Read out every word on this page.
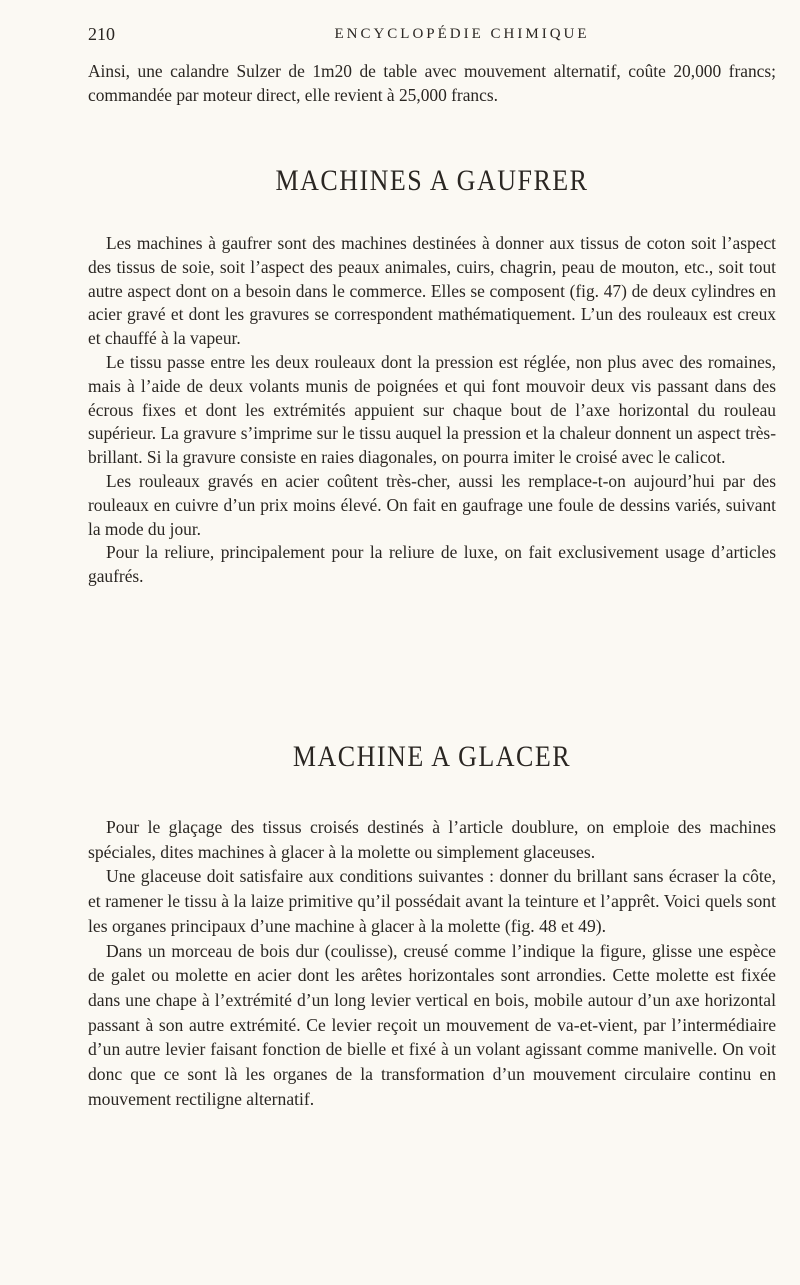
210	ENCYCLOPÉDIE CHIMIQUE

Ainsi, une calandre Sulzer de 1m20 de table avec mouvement alternatif, coûte 20,000 francs; commandée par moteur direct, elle revient à 25,000 francs.

MACHINES A GAUFRER

Les machines à gaufrer sont des machines destinées à donner aux tissus de coton soit l’aspect des tissus de soie, soit l’aspect des peaux animales, cuirs, chagrin, peau de mouton, etc., soit tout autre aspect dont on a besoin dans le commerce. Elles se composent (fig. 47) de deux cylindres en acier gravé et dont les gravures se correspondent mathématiquement. L’un des rouleaux est creux et chauffé à la vapeur.

Le tissu passe entre les deux rouleaux dont la pression est réglée, non plus avec des romaines, mais à l’aide de deux volants munis de poignées et qui font mouvoir deux vis passant dans des écrous fixes et dont les extrémités appuient sur chaque bout de l’axe horizontal du rouleau supérieur. La gravure s’imprime sur le tissu auquel la pression et la chaleur donnent un aspect très-brillant. Si la gravure consiste en raies diagonales, on pourra imiter le croisé avec le calicot.

Les rouleaux gravés en acier coûtent très-cher, aussi les remplace-t-on aujourd’hui par des rouleaux en cuivre d’un prix moins élevé. On fait en gaufrage une foule de dessins variés, suivant la mode du jour.

Pour la reliure, principalement pour la reliure de luxe, on fait exclusivement usage d’articles gaufrés.

MACHINE A GLACER

Pour le glaçage des tissus croisés destinés à l’article doublure, on emploie des machines spéciales, dites machines à glacer à la molette ou simplement glaceuses.

Une glaceuse doit satisfaire aux conditions suivantes : donner du brillant sans écraser la côte, et ramener le tissu à la laize primitive qu’il possédait avant la teinture et l’apprêt. Voici quels sont les organes principaux d’une machine à glacer à la molette (fig. 48 et 49).

Dans un morceau de bois dur (coulisse), creusé comme l’indique la figure, glisse une espèce de galet ou molette en acier dont les arêtes horizontales sont arrondies. Cette molette est fixée dans une chape à l’extrémité d’un long levier vertical en bois, mobile autour d’un axe horizontal passant à son autre extrémité. Ce levier reçoit un mouvement de va-et-vient, par l’intermédiaire d’un autre levier faisant fonction de bielle et fixé à un volant agissant comme manivelle. On voit donc que ce sont là les organes de la transformation d’un mouvement circulaire continu en mouvement rectiligne alternatif.
